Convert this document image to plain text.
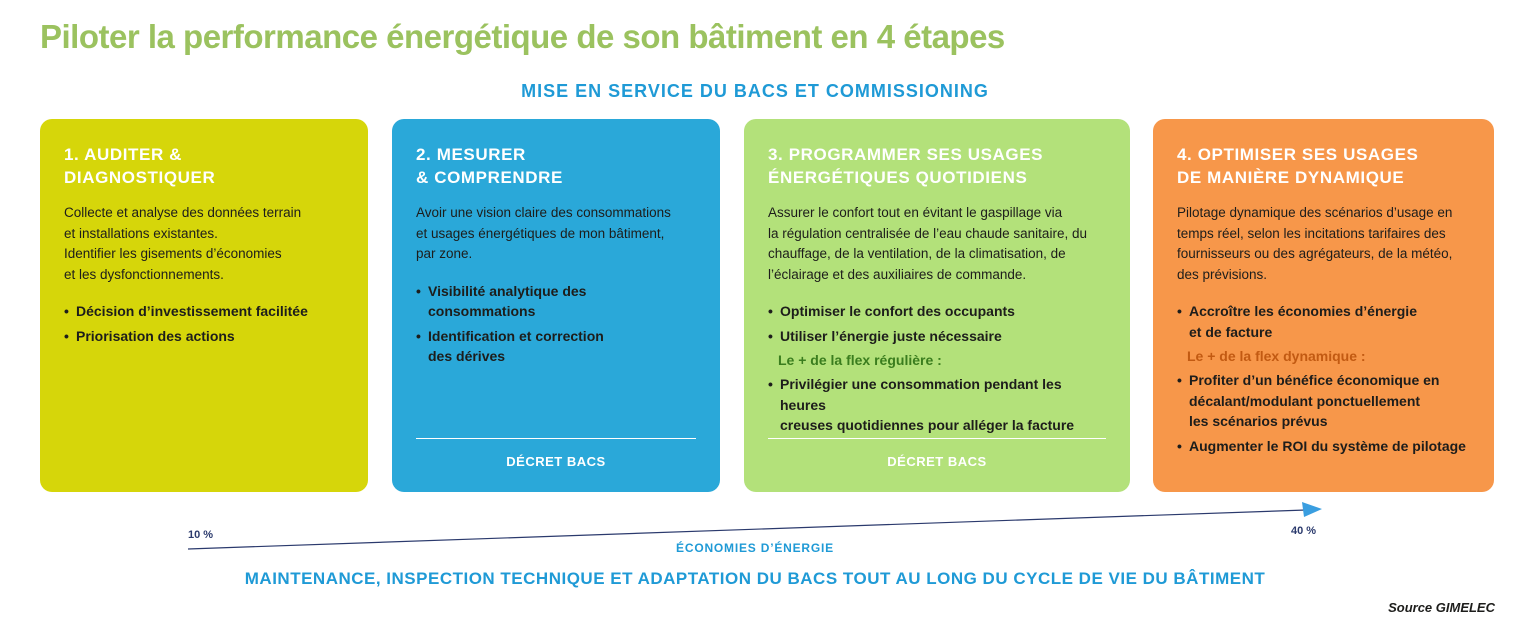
Piloter la performance énergétique de son bâtiment en 4 étapes
MISE EN SERVICE DU BACS ET COMMISSIONING
1. AUDITER &
DIAGNOSTIQUER
Collecte et analyse des données terrain
et installations existantes.
Identifier les gisements d’économies
et les dysfonctionnements.
• Décision d’investissement facilitée
• Priorisation des actions
2. MESURER
& COMPRENDRE
Avoir une vision claire des consommations
et usages énergétiques de mon bâtiment,
par zone.
• Visibilité analytique des
consommations
• Identification et correction
des dérives
DÉCRET BACS
3. PROGRAMMER SES USAGES
ÉNERGÉTIQUES QUOTIDIENS
Assurer le confort tout en évitant le gaspillage via
la régulation centralisée de l’eau chaude sanitaire, du
chauffage, de la ventilation, de la climatisation, de
l’éclairage et des auxiliaires de commande.
• Optimiser le confort des occupants
• Utiliser l’énergie juste nécessaire
Le + de la flex régulière :
• Privilégier une consommation pendant les heures
creuses quotidiennes pour alléger la facture
DÉCRET BACS
4. OPTIMISER SES USAGES
DE MANIÈRE DYNAMIQUE
Pilotage dynamique des scénarios d’usage en
temps réel, selon les incitations tarifaires des
fournisseurs ou des agrégateurs, de la météo,
des prévisions.
• Accroître les économies d’énergie
et de facture
Le + de la flex dynamique :
• Profiter d’un bénéfice économique en
décalant/modulant ponctuellement
les scénarios prévus
• Augmenter le ROI du système de pilotage
10 %	40 %
ÉCONOMIES D’ÉNERGIE
MAINTENANCE, INSPECTION TECHNIQUE ET ADAPTATION DU BACS TOUT AU LONG DU CYCLE DE VIE DU BÂTIMENT
Source GIMELEC
